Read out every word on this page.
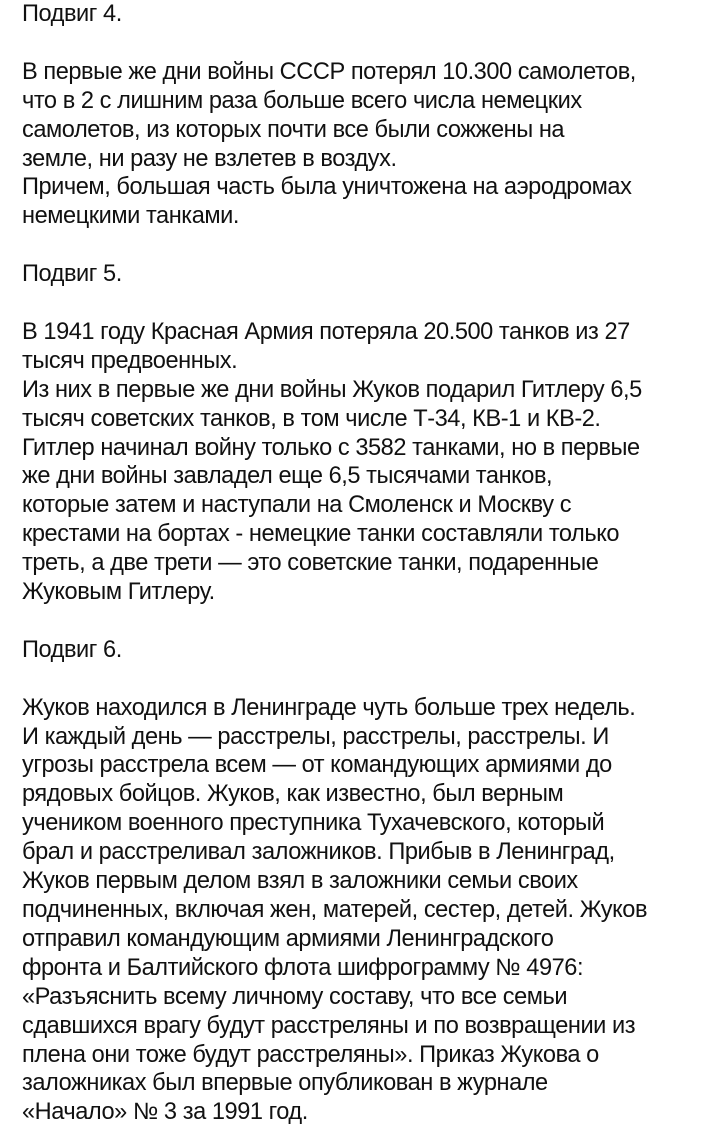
Подвиг 4.

В первые же дни войны СССР потерял 10.300 самолетов,
что в 2 с лишним раза больше всего числа немецких
самолетов, из которых почти все были сожжены на
земле, ни разу не взлетев в воздух.
Причем, большая часть была уничтожена на аэродромах
немецкими танками.

Подвиг 5.

В 1941 году Красная Армия потеряла 20.500 танков из 27
тысяч предвоенных.
Из них в первые же дни войны Жуков подарил Гитлеру 6,5
тысяч советских танков, в том числе Т-34, КВ-1 и КВ-2.
Гитлер начинал войну только с 3582 танками, но в первые
же дни войны завладел еще 6,5 тысячами танков,
которые затем и наступали на Смоленск и Москву с
крестами на бортах - немецкие танки составляли только
треть, а две трети — это советские танки, подаренные
Жуковым Гитлеру.

Подвиг 6.

Жуков находился в Ленинграде чуть больше трех недель.
И каждый день — расстрелы, расстрелы, расстрелы. И
угрозы расстрела всем — от командующих армиями до
рядовых бойцов. Жуков, как известно, был верным
учеником военного преступника Тухачевского, который
брал и расстреливал заложников. Прибыв в Ленинград,
Жуков первым делом взял в заложники семьи своих
подчиненных, включая жен, матерей, сестер, детей. Жуков
отправил командующим армиями Ленинградского
фронта и Балтийского флота шифрограмму № 4976:
«Разъяснить всему личному составу, что все семьи
сдавшихся врагу будут расстреляны и по возвращении из
плена они тоже будут расстреляны». Приказ Жукова о
заложниках был впервые опубликован в журнале
«Начало» № 3 за 1991 год.
